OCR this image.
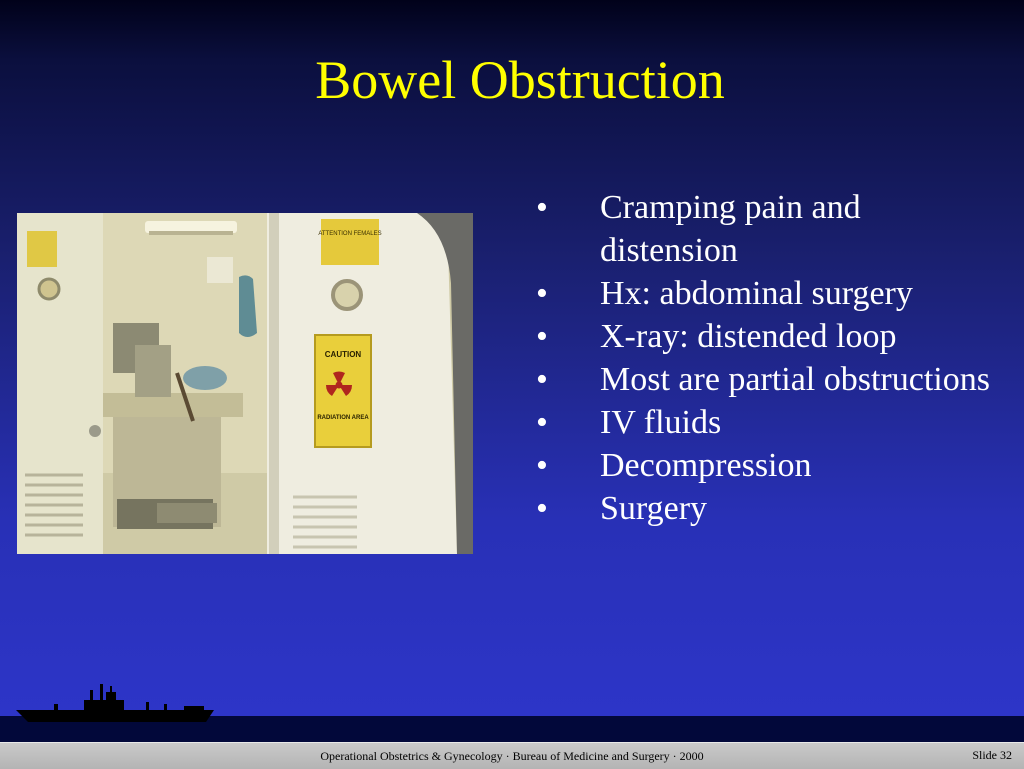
Bowel Obstruction
ATTENTION FEMALES
CAUTION
RADIATION AREA
•	Cramping pain and distension
•	Hx: abdominal surgery
•	X-ray: distended loop
•	Most are partial obstructions
•	IV fluids
•	Decompression
•	Surgery
Operational Obstetrics & Gynecology · Bureau of Medicine and Surgery · 2000	Slide 32
